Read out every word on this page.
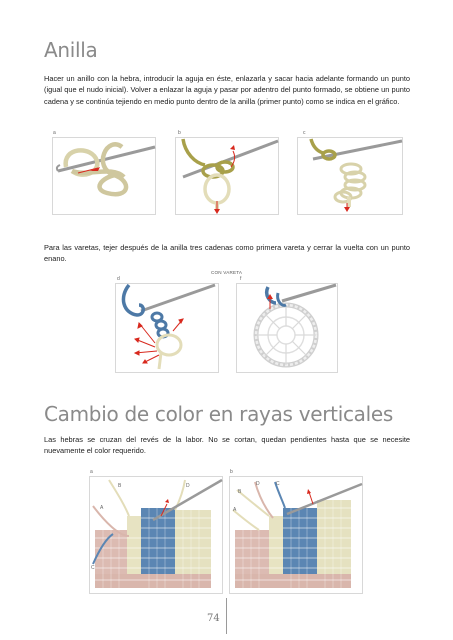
Anilla

Hacer un anillo con la hebra, introducir la aguja en éste, enlazarla y sacar hacia adelante formando un punto (igual que el nudo inicial). Volver a enlazar la aguja y pasar por adentro del punto formado, se obtiene un punto cadena y se continúa tejiendo en medio punto dentro de la anilla (primer punto) como se indica en el gráfico.

a	b	c

Para las varetas, tejer después de la anilla tres cadenas como primera vareta y cerrar la vuelta con un punto enano.

CON VARETA
d	f
Cambio de color en rayas verticales

Las hebras se cruzan del revés de la labor. No se cortan, quedan pendientes hasta que se necesite nuevamente el color requerido.

a
B	D
A
C
b
B
D	C
A
74
